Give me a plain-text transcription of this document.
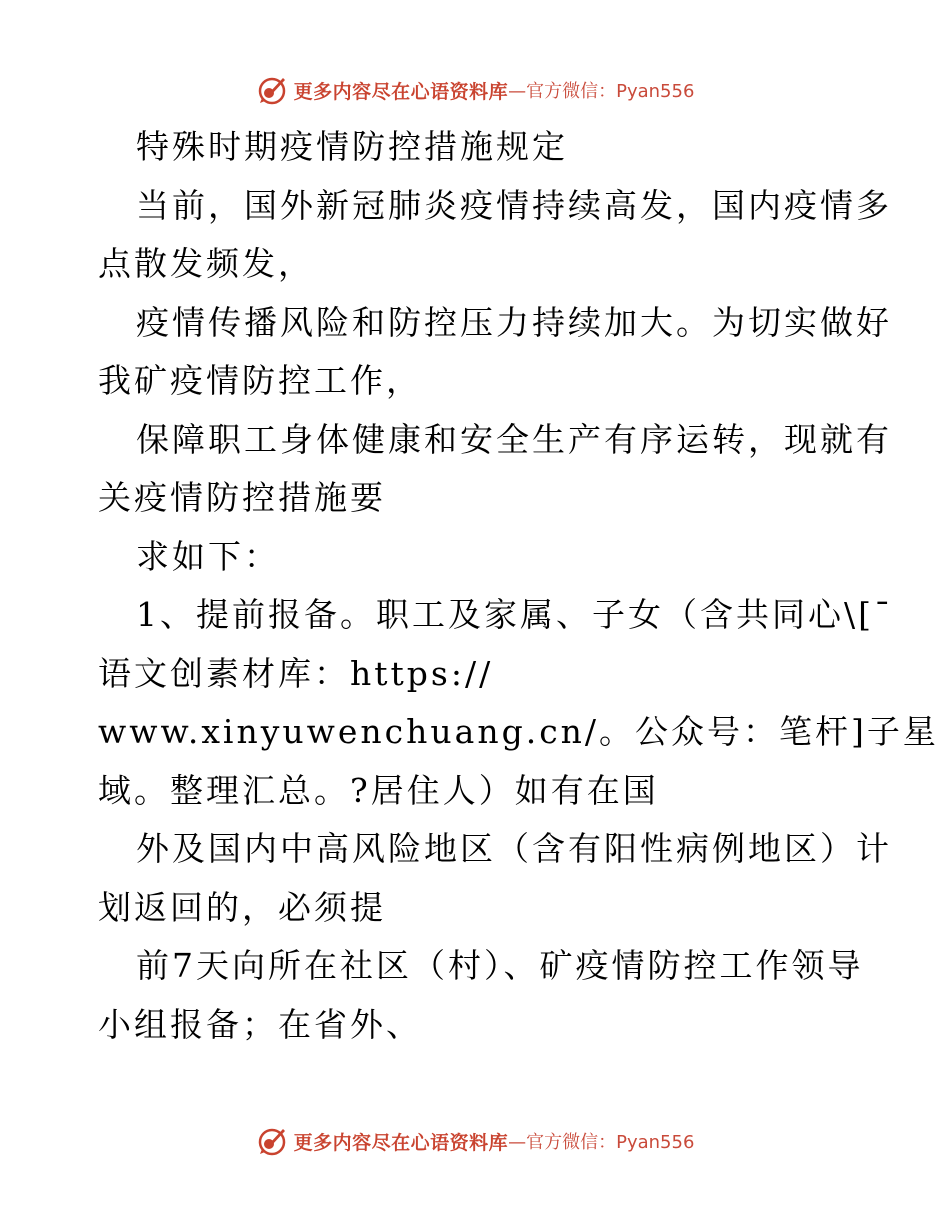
更多内容尽在心语资料库 —官方微信：Pyan556
特殊时期疫情防控措施规定
当前，国外新冠肺炎疫情持续高发，国内疫情多
点散发频发，
疫情传播风险和防控压力持续加大。为切实做好
我矿疫情防控工作，
保障职工身体健康和安全生产有序运转，现就有
关疫情防控措施要
求如下：
1、提前报备。职工及家属、子女（含共同心\[¯
语文创素材库：https://
www.xinyuwenchuang.cn/。公众号：笔杆]子星
域。整理汇总。?居住人）如有在国
外及国内中高风险地区（含有阳性病例地区）计
划返回的，必须提
前7天向所在社区（村）、矿疫情防控工作领导
小组报备；在省外、
更多内容尽在心语资料库 —官方微信：Pyan556
